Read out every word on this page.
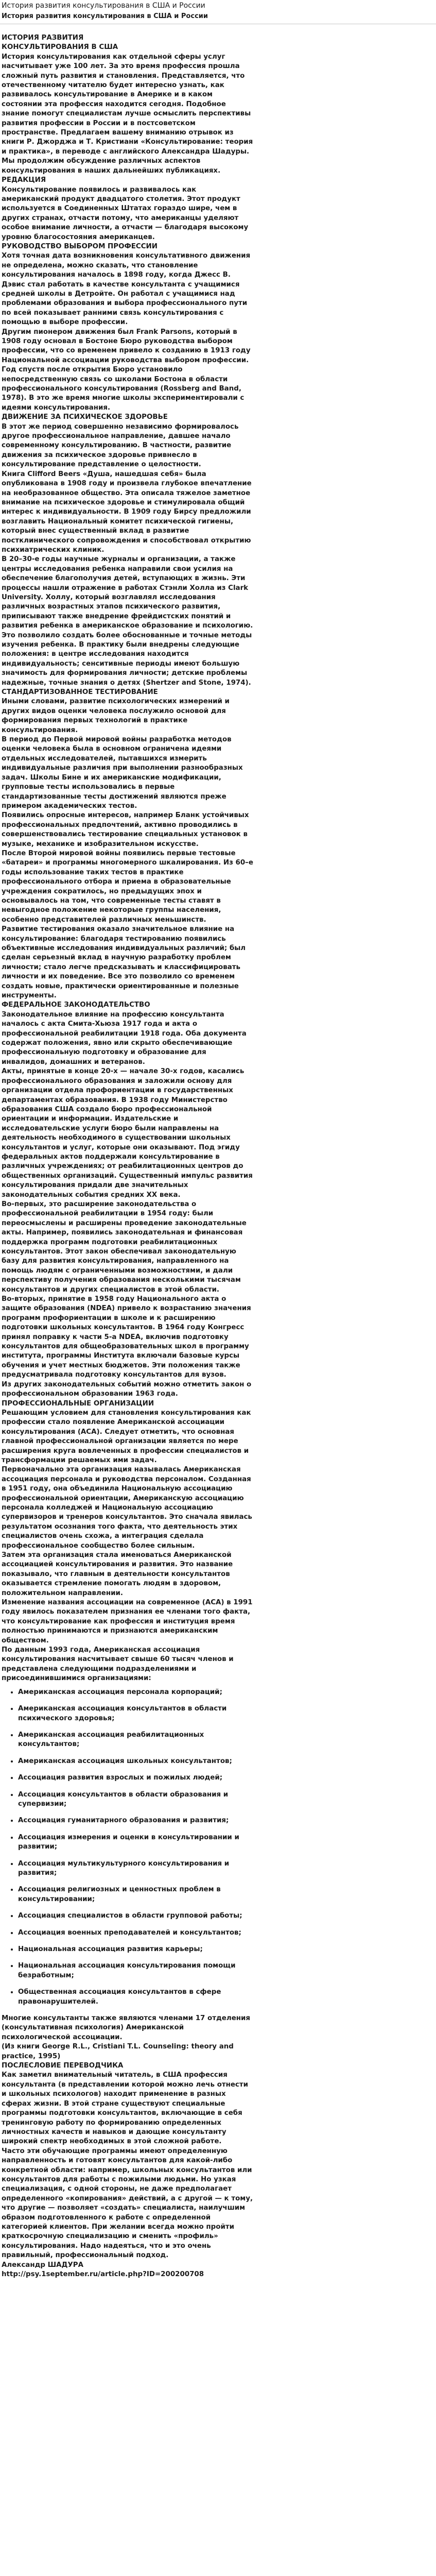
История развития консультирования в США и России
История развития консультирования в США и России
ИСТОРИЯ РАЗВИТИЯ
КОНСУЛЬТИРОВАНИЯ В США

История консультирования как отдельной сферы услуг насчитывает уже 100 лет. За это время профессия прошла сложный путь развития и становления. Представляется, что отечественному читателю будет интересно узнать, как развивалось консультирование в Америке и в каком состоянии эта профессия находится сегодня. Подобное знание помогут специалистам лучше осмыслить перспективы развития профессии в России и в постсоветском пространстве. Предлагаем вашему вниманию отрывок из книги Р. Джорджа и Т. Кристиани «Консультирование: теория и практика», в переводе с английского Александра Шадуры.

Мы продолжим обсуждение различных аспектов консультирования в наших дальнейших публикациях.

РЕДАКЦИЯ

Консультирование появилось и развивалось как американский продукт двадцатого столетия. Этот продукт используется в Соединенных Штатах гораздо шире, чем в других странах, отчасти потому, что американцы уделяют особое внимание личности, а отчасти — благодаря высокому уровню благосостояния американцев.

РУКОВОДСТВО ВЫБОРОМ ПРОФЕССИИ

Хотя точная дата возникновения консультативного движения не определена, можно сказать, что становление консультирования началось в 1898 году, когда Джесс В. Дэвис стал работать в качестве консультанта с учащимися средней школы в Детройте. Он работал с учащимися над проблемами образования и выбора профессионального пути по всей показывает ранними связь консультирования с помощью в выборе профессии.

Другим пионером движения был Frank Parsons, который в 1908 году основал в Бостоне Бюро руководства выбором профессии, что со временем привело к созданию в 1913 году Национальной ассоциации руководства выбором профессии. Год спустя после открытия Бюро установило непосредственную связь со школами Бостона в области профессионального консультирования (Rossberg and Band, 1978). В это же время многие школы экспериментировали с идеями консультирования.

ДВИЖЕНИЕ ЗА ПСИХИЧЕСКОЕ ЗДОРОВЬЕ

В этот же период совершенно независимо формировалось другое профессиональное направление, давшее начало современному консультированию. В частности, развитие движения за психическое здоровье привнесло в консультирование представление о целостности.

Книга Clifford Beers «Душа, нашедшая себя» была опубликована в 1908 году и произвела глубокое впечатление на необразованное общество. Эта описала тяжелое заметное внимание на психическое здоровье и стимулировала общий интерес к индивидуальности. В 1909 году Бирсу предложили возглавить Национальный комитет психической гигиены, который внес существенный вклад в развитие постклинического сопровождения и способствовал открытию психиатрических клиник.

В 20–30-е годы научные журналы и организации, а также центры исследования ребенка направили свои усилия на обеспечение благополучия детей, вступающих в жизнь. Эти процессы нашли отражение в работах Стэнли Холла из Clark University. Холлу, который возглавлял исследования различных возрастных этапов психического развития, приписывают также внедрение фрейдистских понятий и развития ребенка в американское образование и психологию. Это позволило создать более обоснованные и точные методы изучения ребенка. В практику были внедрены следующие положения: в центре исследования находится индивидуальность; сенситивные периоды имеют большую значимость для формирования личности; детские проблемы надежные, точные знания о детях (Shertzer and Stone, 1974).

СТАНДАРТИЗОВАННОЕ ТЕСТИРОВАНИЕ

Иными словами, развитие психологических измерений и других видов оценки человека послужило основой для формирования первых технологий в практике консультирования.

В период до Первой мировой войны разработка методов оценки человека была в основном ограничена идеями отдельных исследователей, пытавшихся измерить индивидуальные различия при выполнении разнообразных задач. Школы Бине и их американские модификации, групповые тесты использовались в первые стандартизованные тесты достижений являются преже примером академических тестов.

Появились опросные интересов, например Бланк устойчивых профессиональных предпочтений, активно проводились в совершенствовались тестирование специальных установок в музыке, механике и изобразительном искусстве.

После Второй мировой войны появились первые тестовые «батареи» и программы многомерного шкалирования. Из 60–е годы использование таких тестов в практике профессионального отбора и приема в образовательные учреждения сократилось, но предыдущих эпох и основывалось на том, что современные тесты ставят в невыгодное положение некоторые группы населения, особенно представителей различных меньшинств.

Развитие тестирования оказало значительное влияние на консультирование: благодаря тестированию появились объективные исследования индивидуальных различий; был сделан серьезный вклад в научную разработку проблем личности; стало легче предсказывать и классифицировать личности и их поведение. Все это позволило со временем создать новые, практически ориентированные и полезные инструменты.

ФЕДЕРАЛЬНОЕ ЗАКОНОДАТЕЛЬСТВО

Законодательное влияние на профессию консультанта началось с акта Смита-Хьюза 1917 года и акта о профессиональной реабилитации 1918 года. Оба документа содержат положения, явно или скрыто обеспечивающие профессиональную подготовку и образование для инвалидов, домашних и ветеранов.

Акты, принятые в конце 20-х — начале 30-х годов, касались профессионального образования и заложили основу для организации отдела профориентации в государственных департаментах образования. В 1938 году Министерство образования США создало бюро профессиональной ориентации и информации. Издательские и исследовательские услуги бюро были направлены на деятельность необходимого в существовании школьных консультантов и услуг, которые они оказывают. Под эгиду федеральных актов поддержали консультирование в различных учреждениях; от реабилитационных центров до общественных организаций. Существенный импульс развития консультирования придали две значительных законодательных события средних XX века.

Во-первых, это расширение законодательства о профессиональной реабилитации в 1954 году: были переосмыслены и расширены проведение законодательные акты. Например, появились законодательная и финансовая поддержка программ подготовки реабилитационных консультантов. Этот закон обеспечивал законодательную базу для развития консультирования, направленного на помощь людям с ограниченными возможностями, и дали перспективу получения образования несколькими тысячам консультантов и других специалистов в этой области.

Во-вторых, принятие в 1958 году Национального акта о защите образования (NDEA) привело к возрастанию значения программ профориентации в школе и к расширению подготовки школьных консультантов. В 1964 году Конгресс принял поправку к части 5-а NDEA, включив подготовку консультантов для общеобразовательных школ в программу института, программы Института включали базовые курсы обучения и учет местных бюджетов. Эти положения также предусматривала подготовку консультантов для вузов.

Из других законодательных событий можно отметить закон о профессиональном образовании 1963 года.

ПРОФЕССИОНАЛЬНЫЕ ОРГАНИЗАЦИИ

Решающим условием для становления консультирования как профессии стало появление Американской ассоциации консультирования (ACA). Следует отметить, что основная главной профессиональной организации является по мере расширения круга вовлеченных в профессии специалистов и трансформации решаемых ими задач.

Первоначально эта организация называлась Американская ассоциация персонала и руководства персоналом. Созданная в 1951 году, она объединила Национальную ассоциацию профессиональной ориентации, Американскую ассоциацию персонала колледжей и Национальную ассоциацию супервизоров и тренеров консультантов. Это сначала явилась результатом осознания того факта, что деятельность этих специалистов очень схожа, а интеграция сделала профессиональное сообщество более сильным.

Затем эта организация стала именоваться Американской ассоциацией консультирования и развития. Это название показывало, что главным в деятельности консультантов оказывается стремление помогать людям в здоровом, положительном направлении.

Изменение названия ассоциации на современное (ACA) в 1991 году явилось показателем признания ее членами того факта, что консультирование как профессия и институция время полностью принимаются и признаются американским обществом.

По данным 1993 года, Американская ассоциация консультирования насчитывает свыше 60 тысяч членов и представлена следующими подразделениями и присоединившимися организациями:

• Американская ассоциация персонала корпораций;
• Американская ассоциация консультантов в области психического здоровья;
• Американская ассоциация реабилитационных консультантов;
• Американская ассоциация школьных консультантов;
• Ассоциация развития взрослых и пожилых людей;
• Ассоциация консультантов в области образования и супервизии;
• Ассоциация гуманитарного образования и развития;
• Ассоциация измерения и оценки в консультировании и развитии;
• Ассоциация мультикультурного консультирования и развития;
• Ассоциация религиозных и ценностных проблем в консультировании;
• Ассоциация специалистов в области групповой работы;
• Ассоциация военных преподавателей и консультантов;
• Национальная ассоциация развития карьеры;
• Национальная ассоциация консультирования помощи безработным;
• Общественная ассоциация консультантов в сфере правонарушителей.

Многие консультанты также являются членами 17 отделения (консультативная психология) Американской психологической ассоциации.

(Из книги George R.L., Cristiani T.L. Counseling: theory and practice, 1995)

ПОСЛЕСЛОВИЕ ПЕРЕВОДЧИКА

Как заметил внимательный читатель, в США профессия консультанта (в представлении которой можно лечь отнести и школьных психологов) находит применение в разных сферах жизни. В этой стране существуют специальные программы подготовки консультантов, включающие в себя тренинговую работу по формированию определенных личностных качеств и навыков и дающие консультанту широкий спектр необходимых в этой сложной работе.

Часто эти обучающие программы имеют определенную направленность и готовят консультантов для какой-либо конкретной области: например, школьных консультантов или консультантов для работы с пожилыми людьми. Но узкая специализация, с одной стороны, не даже предполагает определенного «копирования» действий, а с другой — к тому, что другие — позволяет «создать» специалиста, наилучшим образом подготовленного к работе с определенной категорией клиентов. При желании всегда можно пройти краткосрочную специализацию и сменить «профиль» консультирования. Надо надеяться, что и это очень правильный, профессиональный подход.

Александр ШАДУРА

http://psy.1september.ru/article.php?ID=200200708
